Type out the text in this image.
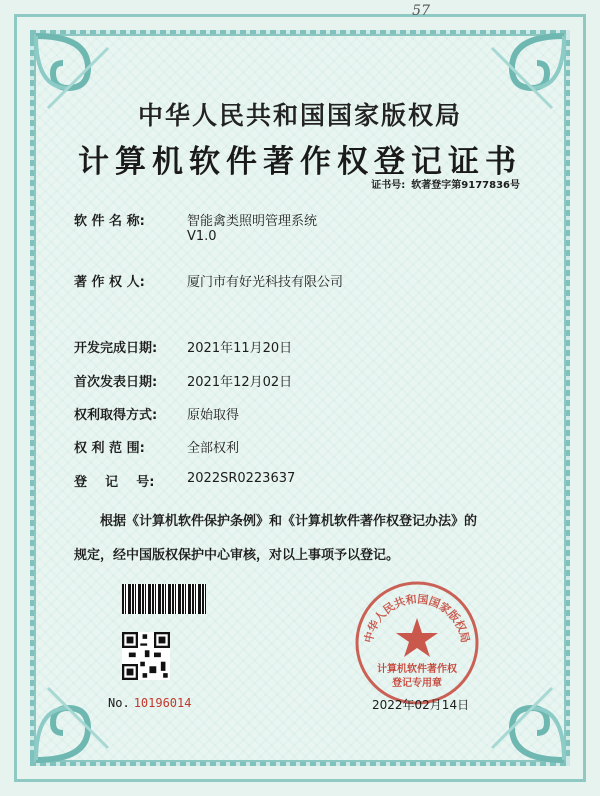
57
中华人民共和国国家版权局
计算机软件著作权登记证书
证书号: 软著登字第9177836号
软 件 名 称:	智能禽类照明管理系统
V1.0
著 作 权 人:	厦门市有好光科技有限公司
开发完成日期: 2021年11月20日
首次发表日期: 2021年12月02日
权利取得方式: 原始取得
权 利 范 围:	全部权利
登    记    号:	2022SR0223637
根据《计算机软件保护条例》和《计算机软件著作权登记办法》的
规定，经中国版权保护中心审核，对以上事项予以登记。
No. 10196014
中华人民共和国国家版权局
计算机软件著作权
登记专用章
2022年02月14日
